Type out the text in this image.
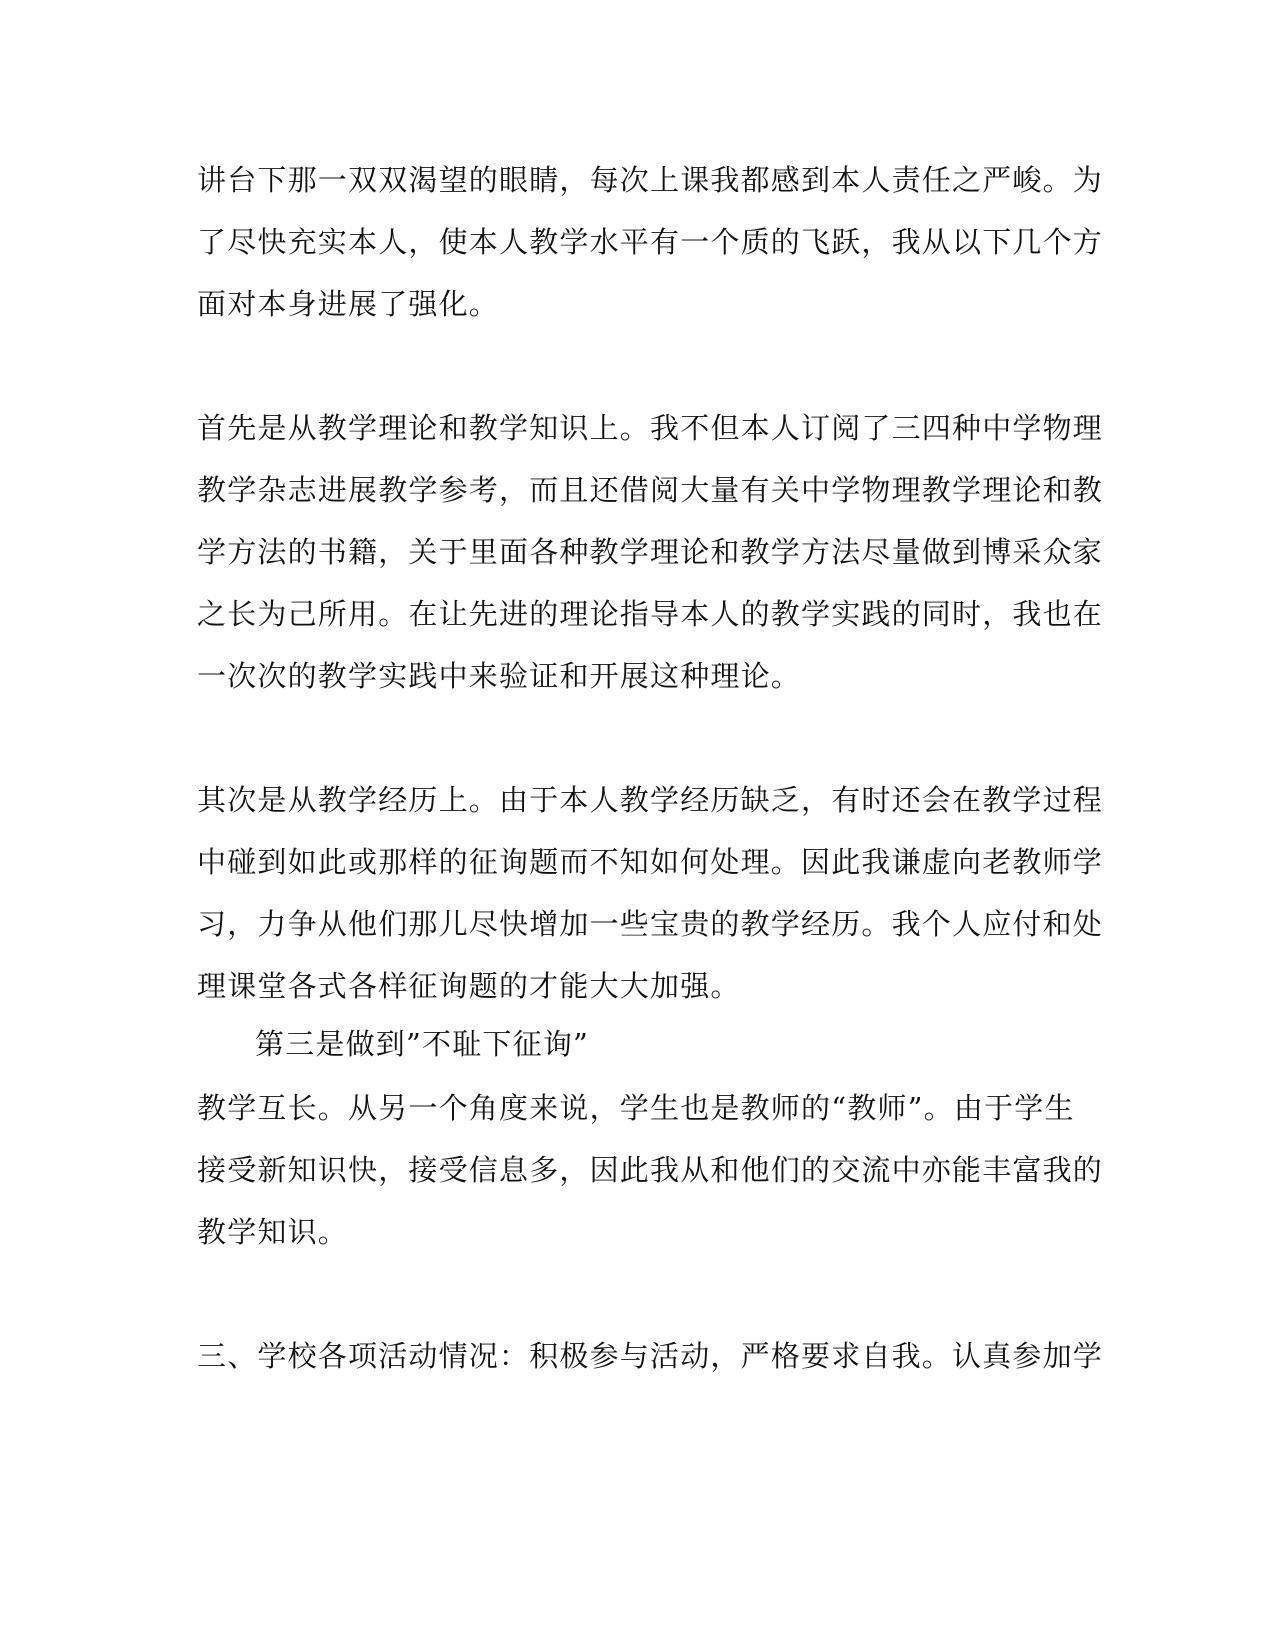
讲台下那一双双渴望的眼睛，每次上课我都感到本人责任之严峻。为
了尽快充实本人，使本人教学水平有一个质的飞跃，我从以下几个方
面对本身进展了强化。
首先是从教学理论和教学知识上。我不但本人订阅了三四种中学物理
教学杂志进展教学参考，而且还借阅大量有关中学物理教学理论和教
学方法的书籍，关于里面各种教学理论和教学方法尽量做到博采众家
之长为己所用。在让先进的理论指导本人的教学实践的同时，我也在
一次次的教学实践中来验证和开展这种理论。
其次是从教学经历上。由于本人教学经历缺乏，有时还会在教学过程
中碰到如此或那样的征询题而不知如何处理。因此我谦虚向老教师学
习，力争从他们那儿尽快增加一些宝贵的教学经历。我个人应付和处
理课堂各式各样征询题的才能大大加强。
第三是做到”不耻下征询”
教学互长。从另一个角度来说，学生也是教师的“教师”。由于学生
接受新知识快，接受信息多，因此我从和他们的交流中亦能丰富我的
教学知识。
三、学校各项活动情况：积极参与活动，严格要求自我。认真参加学
